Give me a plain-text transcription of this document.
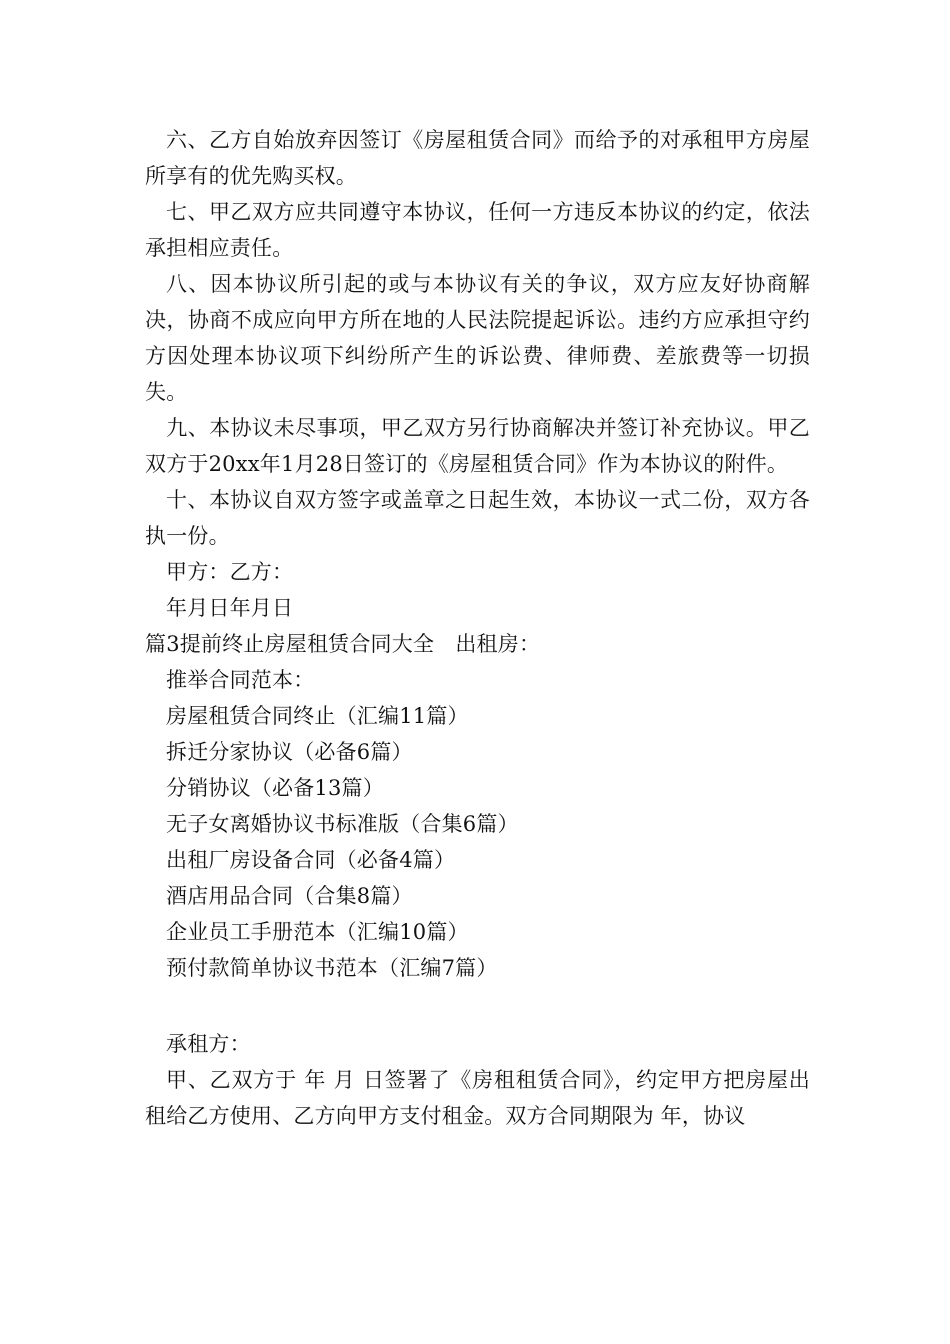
六、乙方自始放弃因签订《房屋租赁合同》而给予的对承租甲方房屋所享有的优先购买权。

七、甲乙双方应共同遵守本协议，任何一方违反本协议的约定，依法承担相应责任。

八、因本协议所引起的或与本协议有关的争议，双方应友好协商解决，协商不成应向甲方所在地的人民法院提起诉讼。违约方应承担守约方因处理本协议项下纠纷所产生的诉讼费、律师费、差旅费等一切损失。

九、本协议未尽事项，甲乙双方另行协商解决并签订补充协议。甲乙双方于20xx年1月28日签订的《房屋租赁合同》作为本协议的附件。

十、本协议自双方签字或盖章之日起生效，本协议一式二份，双方各执一份。

甲方：乙方：

年月日年月日

篇3提前终止房屋租赁合同大全　出租房：

推举合同范本：

房屋租赁合同终止（汇编11篇）

拆迁分家协议（必备6篇）

分销协议（必备13篇）

无子女离婚协议书标准版（合集6篇）

出租厂房设备合同（必备4篇）

酒店用品合同（合集8篇）

企业员工手册范本（汇编10篇）

预付款简单协议书范本（汇编7篇）

承租方：

甲、乙双方于 年 月 日签署了《房租租赁合同》，约定甲方把房屋出租给乙方使用、乙方向甲方支付租金。双方合同期限为 年，协议
